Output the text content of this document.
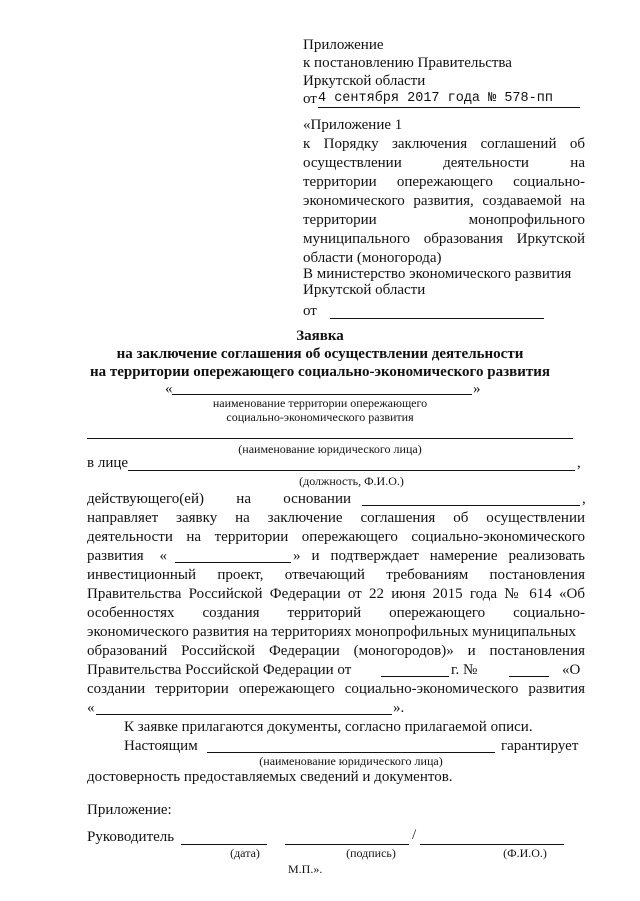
Приложение
к постановлению Правительства
Иркутской области
от 4 сентября 2017 года № 578-пп
«Приложение 1
к Порядку заключения соглашений об
осуществлении деятельности на
территории опережающего социально-
экономического развития, создаваемой на
территории монопрофильного
муниципального образования Иркутской
области (моногорода)
В министерство экономического развития
Иркутской области
от
Заявка
на заключение соглашения об осуществлении деятельности
на территории опережающего социально-экономического развития
«	»
наименование территории опережающего
социально-экономического развития
(наименование юридического лица)
в лице	,
(должность, Ф.И.О.)
действующего(ей) на основании	,
направляет заявку на заключение соглашения об осуществлении
деятельности на территории опережающего социально-экономического
развития «	» и подтверждает намерение реализовать
инвестиционный проект, отвечающий требованиям постановления
Правительства Российской Федерации от 22 июня 2015 года № 614 «Об
особенностях создания территорий опережающего социально-
экономического развития на территориях монопрофильных муниципальных
образований Российской Федерации (моногородов)» и постановления
Правительства Российской Федерации от	г. №	«О
создании территории опережающего социально-экономического развития
«	».
К заявке прилагаются документы, согласно прилагаемой описи.
Настоящим	гарантирует
(наименование юридического лица)
достоверность предоставляемых сведений и документов.
Приложение:
Руководитель	/
(дата)	(подпись)	(Ф.И.О.)
М.П.».
